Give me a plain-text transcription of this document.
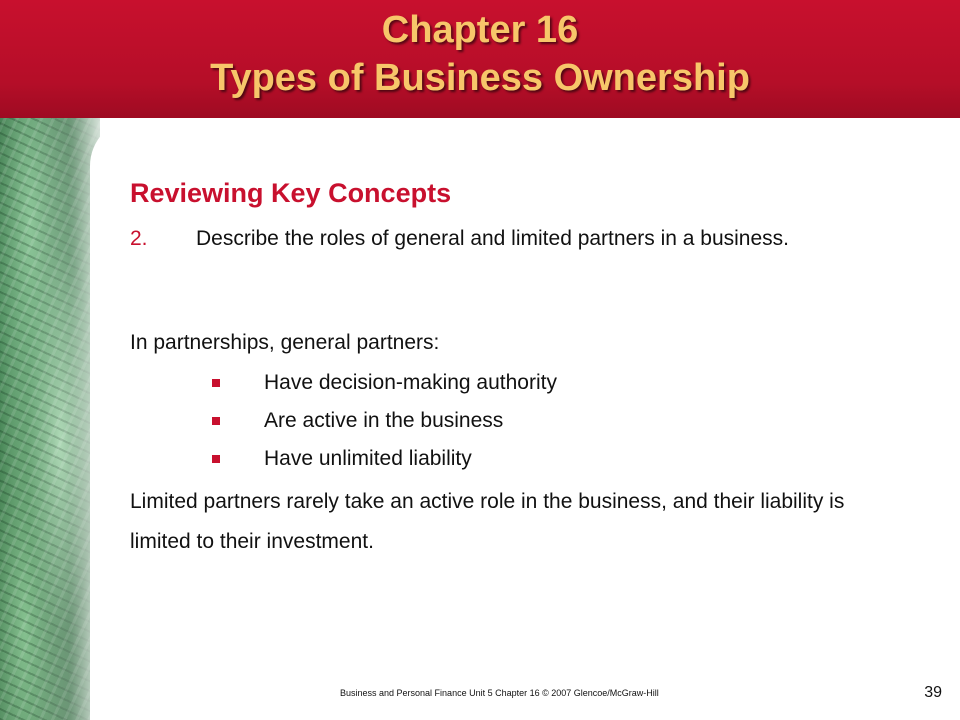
Chapter 16
Types of Business Ownership
Reviewing Key Concepts
2. Describe the roles of general and limited partners in a business.

In partnerships, general partners:

Have decision-making authority
Are active in the business
Have unlimited liability

Limited partners rarely take an active role in the business, and their liability is limited to their investment.

Business and Personal Finance Unit 5 Chapter 16 © 2007 Glencoe/McGraw-Hill	39
